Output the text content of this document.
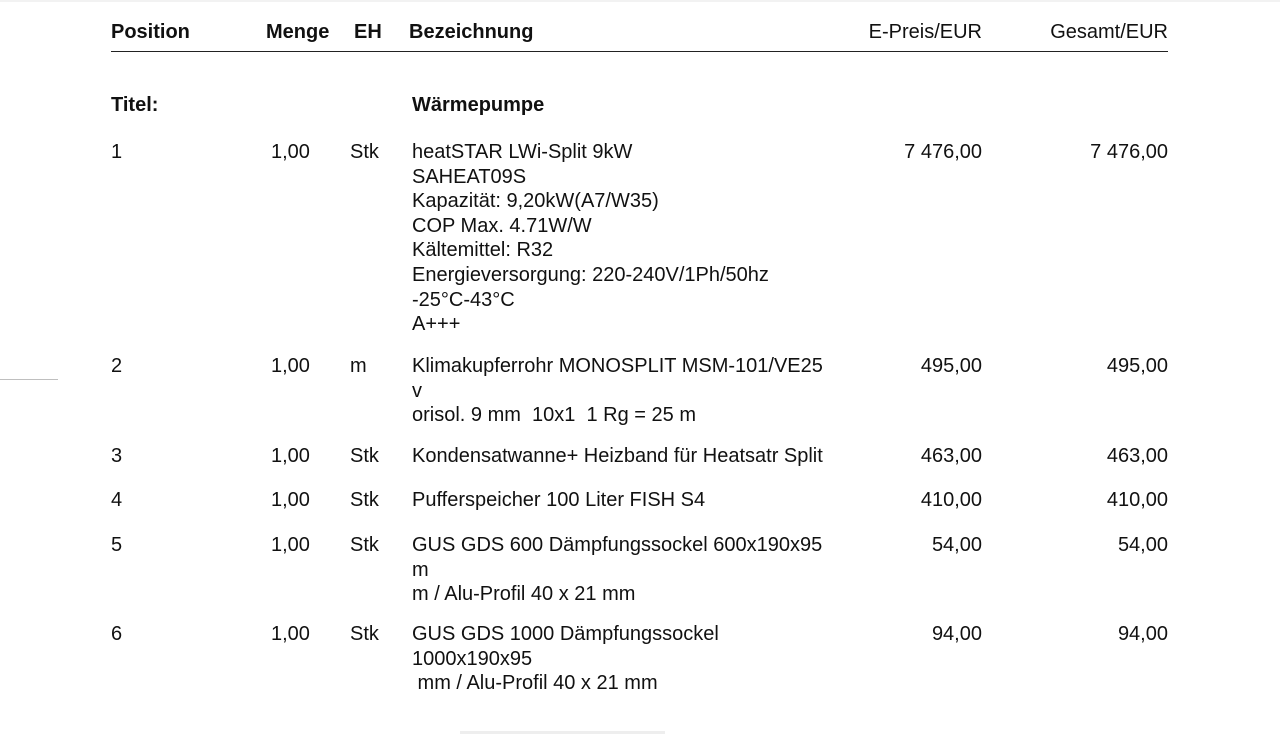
Position	Menge EH Bezeichnung	E-Preis/EUR	Gesamt/EUR
Titel:	Wärmepumpe
1	1,00 Stk heatSTAR LWi-Split 9kW
SAHEAT09S
Kapazität: 9,20kW(A7/W35)
COP Max. 4.71W/W
Kältemittel: R32
Energieversorgung: 220-240V/1Ph/50hz
-25°C-43°C
A+++
7 476,00	7 476,00
2	1,00 m Klimakupferrohr MONOSPLIT MSM-101/VE25
v
orisol. 9 mm  10x1  1 Rg = 25 m
495,00	495,00
3	1,00 Stk Kondensatwanne+ Heizband für Heatsatr Split	463,00	463,00
4	1,00 Stk Pufferspeicher 100 Liter FISH S4	410,00	410,00
5	1,00 Stk GUS GDS 600 Dämpfungssockel 600x190x95
m
m / Alu-Profil 40 x 21 mm
54,00	54,00
6	1,00 Stk GUS GDS 1000 Dämpfungssockel
1000x190x95
mm / Alu-Profil 40 x 21 mm
94,00	94,00
